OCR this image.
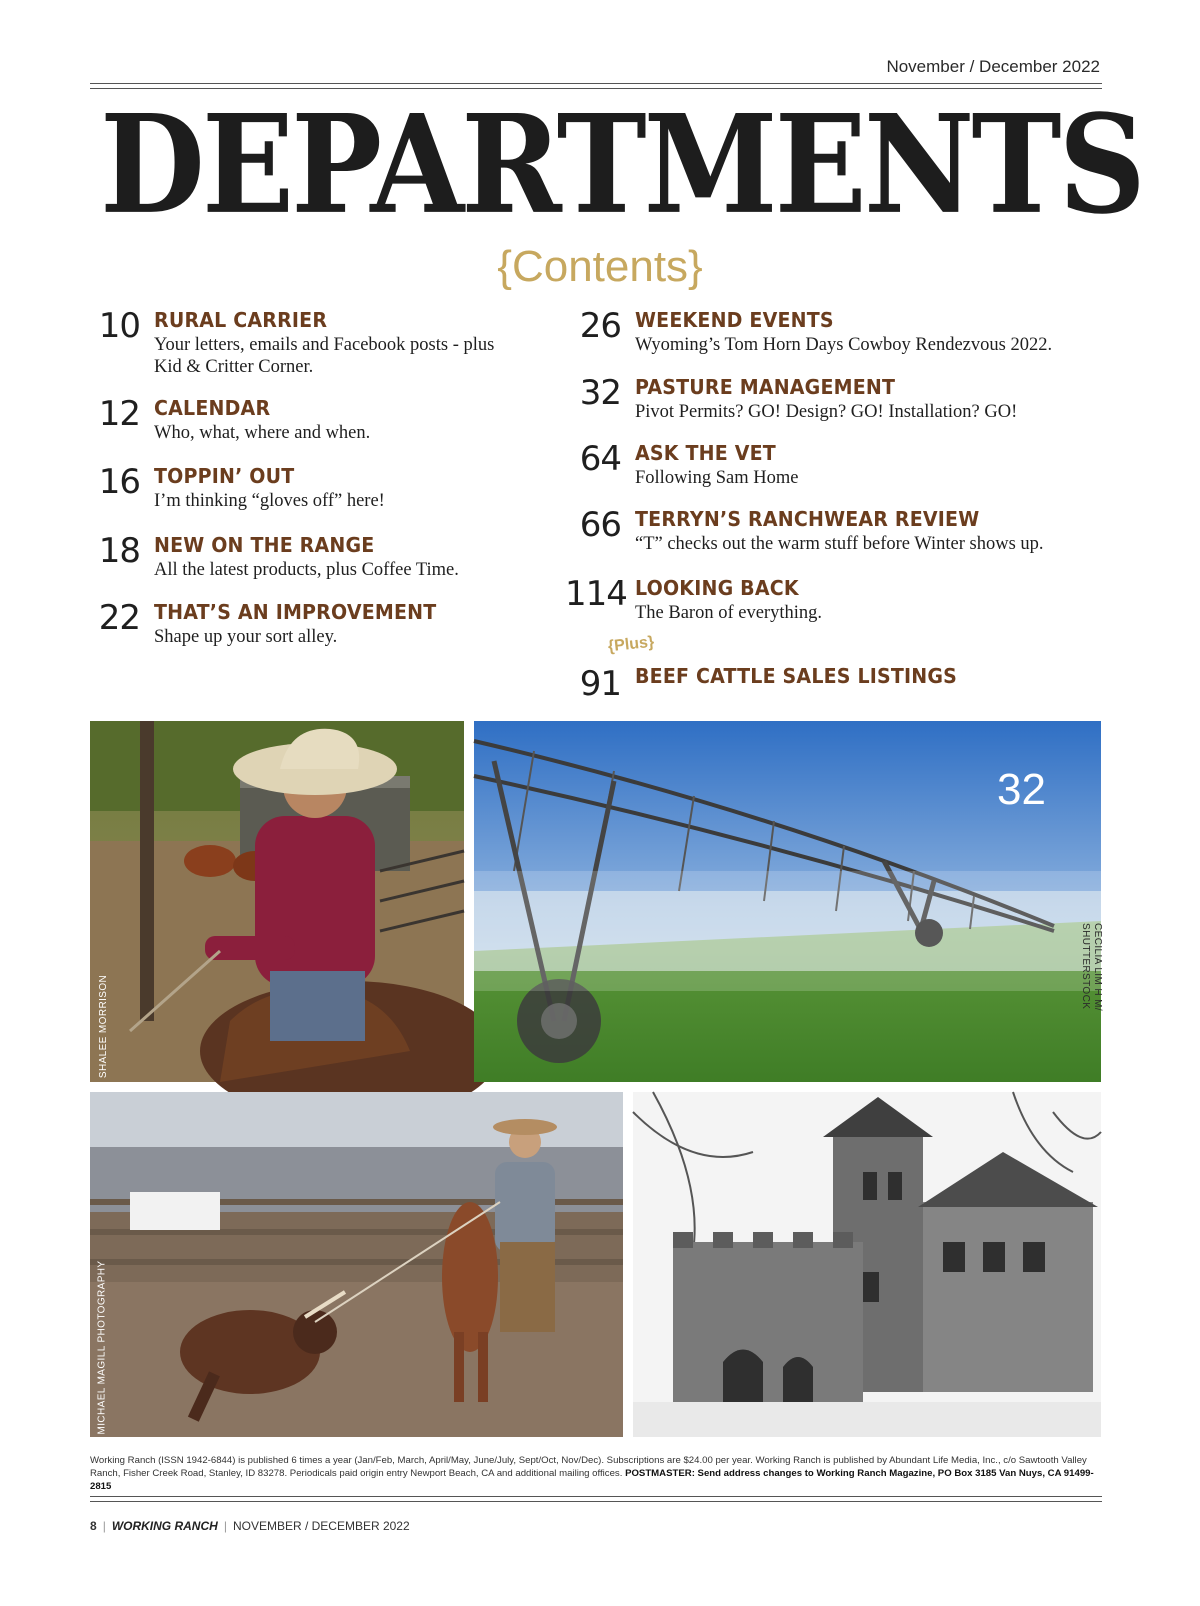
November / December 2022
DEPARTMENTS
{Contents}
10 RURAL CARRIER
Your letters, emails and Facebook posts - plus Kid & Critter Corner.
12 CALENDAR
Who, what, where and when.
16 TOPPIN’ OUT
I’m thinking “gloves off” here!
18 NEW ON THE RANGE
All the latest products, plus Coffee Time.
22 THAT’S AN IMPROVEMENT
Shape up your sort alley.
26 WEEKEND EVENTS
Wyoming’s Tom Horn Days Cowboy Rendezvous 2022.
32 PASTURE MANAGEMENT
Pivot Permits? GO! Design? GO! Installation? GO!
64 ASK THE VET
Following Sam Home
66 TERRYN’S RANCHWEAR REVIEW
“T” checks out the warm stuff before Winter shows up.
114 LOOKING BACK
The Baron of everything.
91 BEEF CATTLE SALES LISTINGS
{Plus}
SHALEE MORRISON
32
CECILIA LIM H M/ SHUTTERSTOCK
MICHAEL MAGILL PHOTOGRAPHY
Working Ranch (ISSN 1942-6844) is published 6 times a year (Jan/Feb, March, April/May, June/July, Sept/Oct, Nov/Dec). Subscriptions are $24.00 per year. Working Ranch is published by Abundant Life Media, Inc., c/o Sawtooth Valley Ranch, Fisher Creek Road, Stanley, ID 83278. Periodicals paid origin entry Newport Beach, CA and additional mailing offices. POSTMASTER: Send address changes to Working Ranch Magazine, PO Box 3185 Van Nuys, CA 91499-2815
8 | WORKING RANCH | NOVEMBER / DECEMBER 2022
